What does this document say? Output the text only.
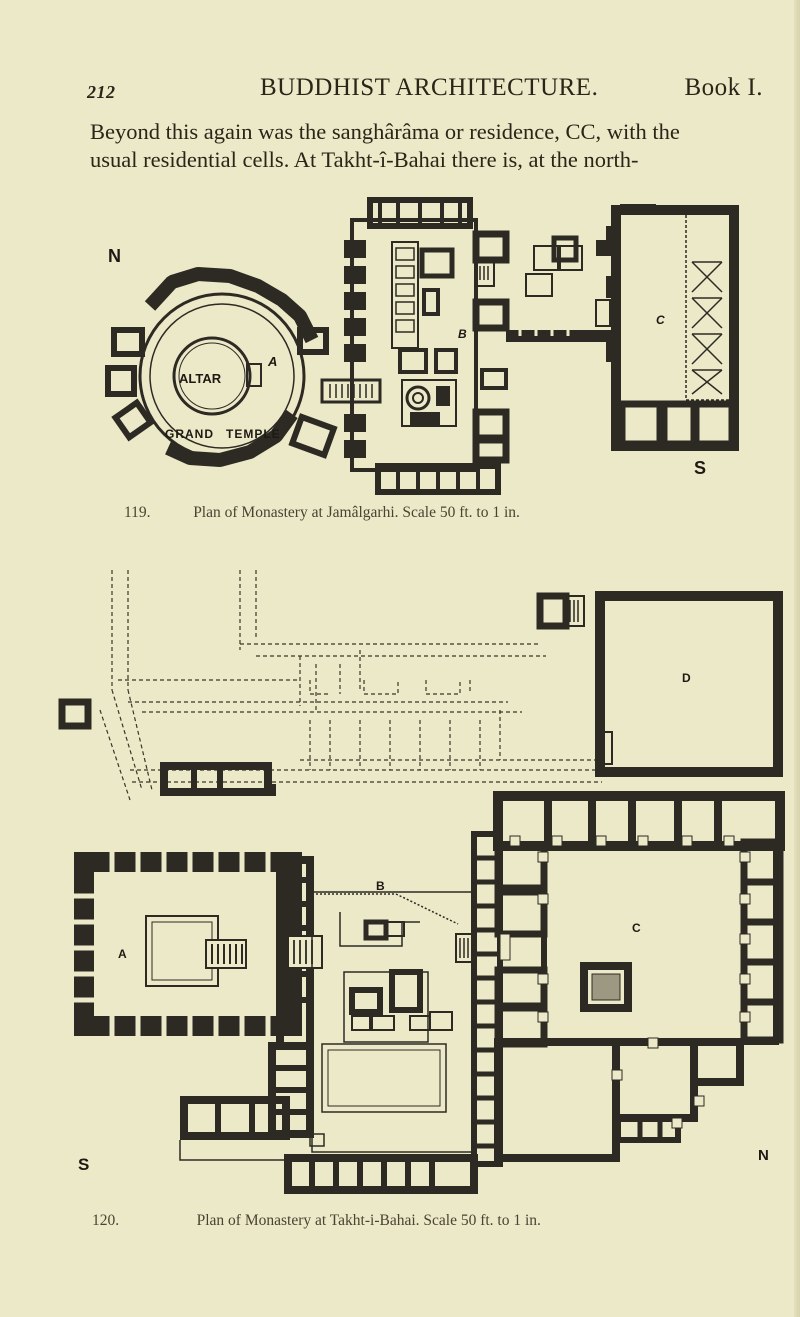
212	BUDDHIST ARCHITECTURE.	Book I.

Beyond this again was the sanghârâma or residence, CC, with the

usual residential cells. At Takht-î-Bahai there is, at the north-

N
S
A
B
C
ALTAR
GRAND TEMPLE
119.	Plan of Monastery at Jamâlgarhi. Scale 50 ft. to 1 in.
D
A
B
C
S	N
120.	Plan of Monastery at Takht-i-Bahai. Scale 50 ft. to 1 in.
